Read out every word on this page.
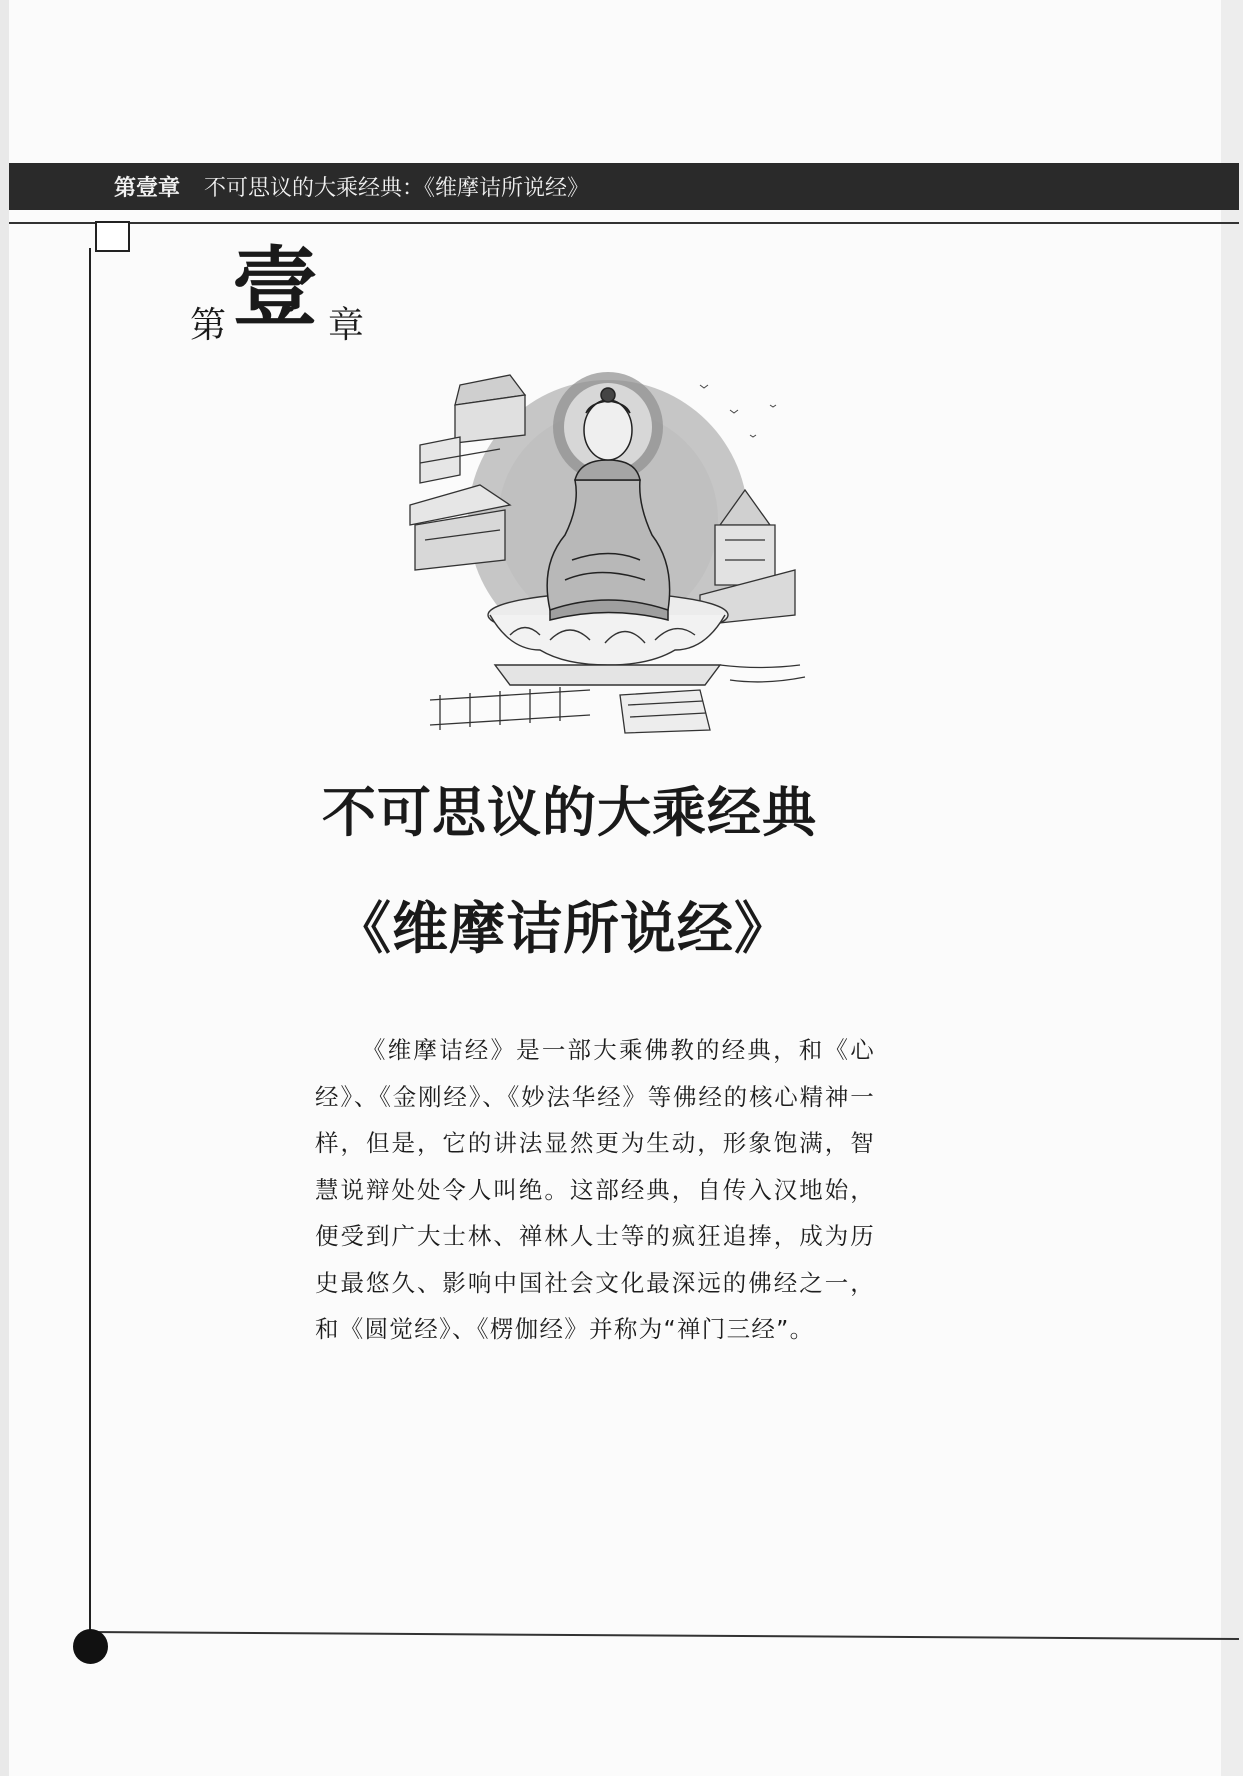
第壹章 不可思议的大乘经典：《维摩诘所说经》
第 壹 章
不可思议的大乘经典
《维摩诘所说经》
《维摩诘经》是一部大乘佛教的经典，和《心经》、《金刚经》、《妙法华经》等佛经的核心精神一样，但是，它的讲法显然更为生动，形象饱满，智慧说辩处处令人叫绝。这部经典，自传入汉地始，便受到广大士林、禅林人士等的疯狂追捧，成为历史最悠久、影响中国社会文化最深远的佛经之一，和《圆觉经》、《楞伽经》并称为“禅门三经”。
